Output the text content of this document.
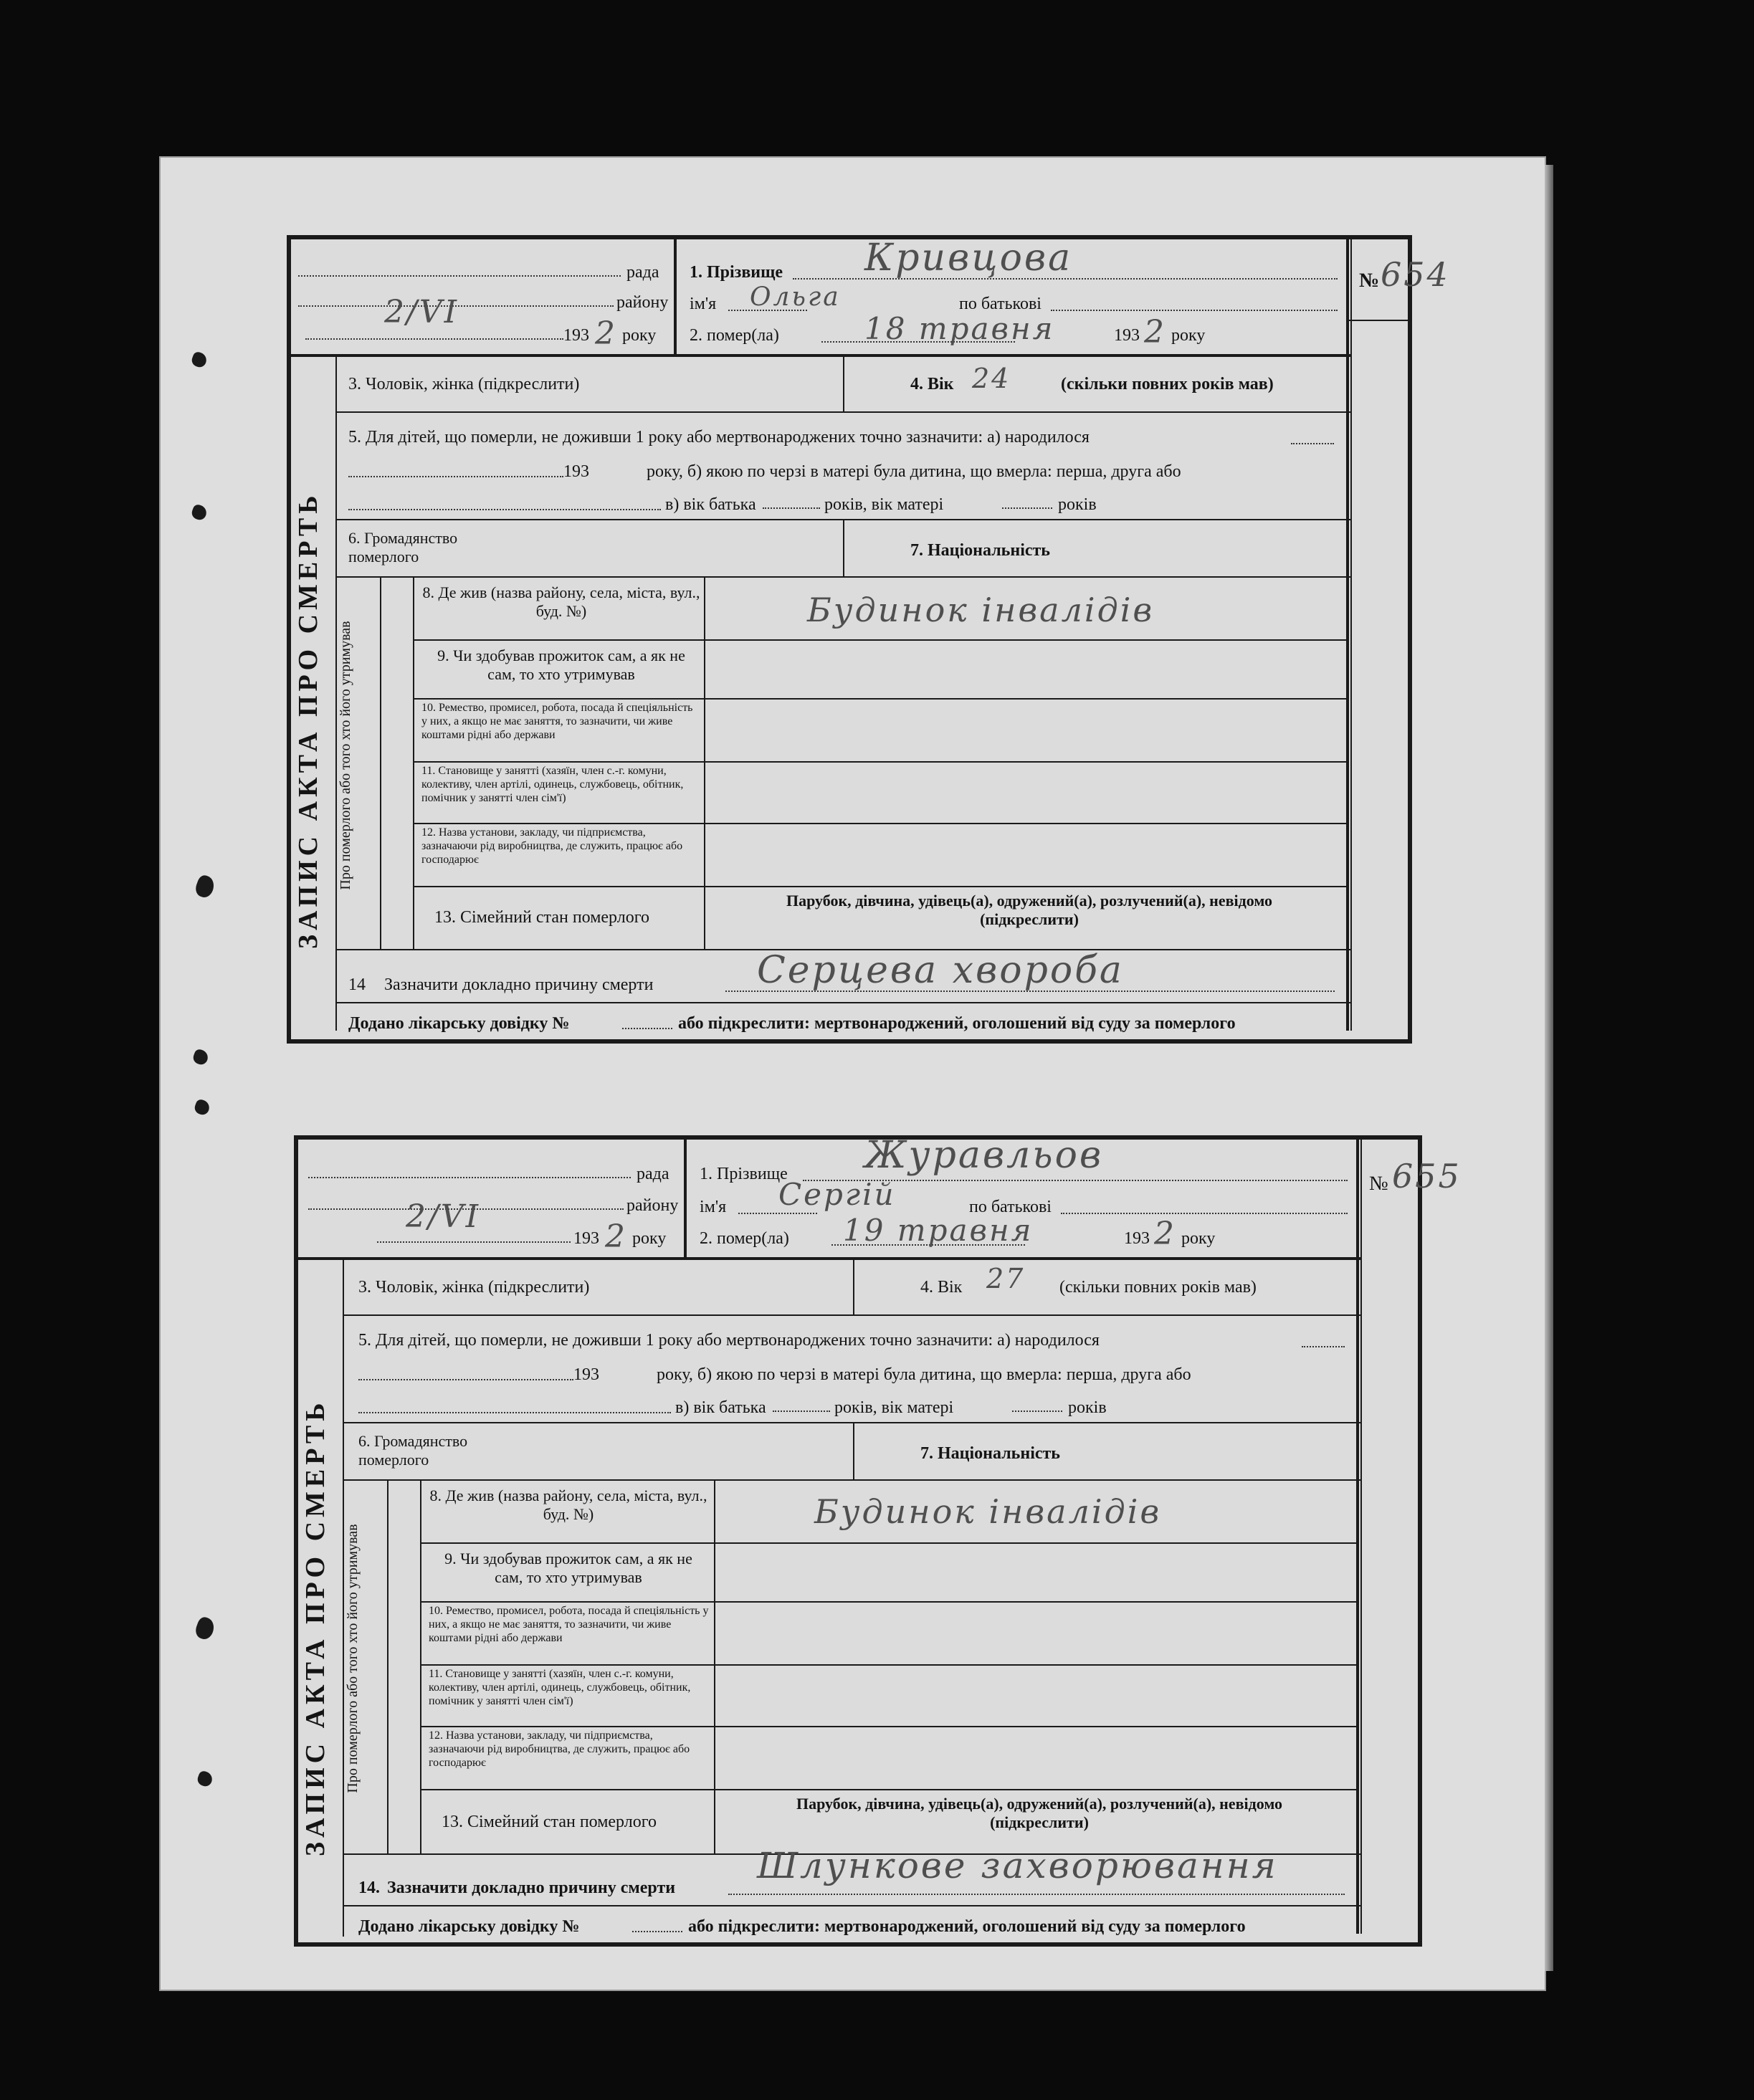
рада
району
2/VI
193 2 року
1. Прізвище Кривцова
ім'я Ольга	по батькові
2. помер(ла)	18 травня	193 2 року
№ 654
ЗАПИС АКТА ПРО СМЕРТЬ
3. Чоловік, жінка (підкреслити)	4. Вік 24	(скільки повних років мав)
5. Для дітей, що померли, не доживши 1 року або мертвонароджених точно зазначити: а) народилося
193	року, б) якою по черзі в матері була дитина, що вмерла: перша, друга або
в) вік батька	років, вік матері	років
6. Громадянство померлого	7. Національність
Про померлого або того хто його утримував
8. Де жив (назва району, села, міста, вул., буд. №)	Будинок інвалідів
9. Чи здобував прожиток сам, а як не сам, то хто утримував
10. Ремество, промисел, робота, посада й спеціяльність у них, а якщо не має заняття, то зазначити, чи живе коштами рідні або держави
11. Становище у занятті (хазяїн, член с.-г. комуни, колективу, член артілі, одинець, службовець, обітник, помічник у занятті член сім'ї)
12. Назва установи, закладу, чи підприємства, зазначаючи рід виробництва, де служить, працює або господарює
13. Сімейний стан померлого
Парубок, дівчина, удівець(а), одружений(а), розлучений(а), невідомо (підкреслити)
14 Зазначити докладно причину смерти	Серцева хвороба
Додано лікарську довідку №	або підкреслити: мертвонароджений, оголошений від суду за померлого
рада
району
2/VI
193 2 року
1. Прізвище Журавльов
ім'я Сергій	по батькові
2. помер(ла) 19 травня	193 2 року
№ 655
ЗАПИС АКТА ПРО СМЕРТЬ
3. Чоловік, жінка (підкреслити)	4. Вік 27 (скільки повних років мав)
5. Для дітей, що померли, не доживши 1 року або мертвонароджених точно зазначити: а) народилося
193	року, б) якою по черзі в матері була дитина, що вмерла: перша, друга або
в) вік батька	років, вік матері	років
6. Громадянство померлого	7. Національність
Про померлого або того хто його утримував
8. Де жив (назва району, села, міста, вул., буд. №)	Будинок інвалідів
9. Чи здобував прожиток сам, а як не сам, то хто утримував
10. Ремество, промисел, робота, посада й спеціяльність у них, а якщо не має заняття, то зазначити, чи живе коштами рідні або держави
11. Становище у занятті (хазяїн, член с.-г. комуни, колективу, член артілі, одинець, службовець, обітник, помічник у занятті член сім'ї)
12. Назва установи, закладу, чи підприємства, зазначаючи рід виробництва, де служить, працює або господарює
13. Сімейний стан померлого
Парубок, дівчина, удівець(а), одружений(а), розлучений(а), невідомо (підкреслити)
14. Зазначити докладно причину смерти
Шлункове захворювання
Додано лікарську довідку №	або підкреслити: мертвонароджений, оголошений від суду за померлого
